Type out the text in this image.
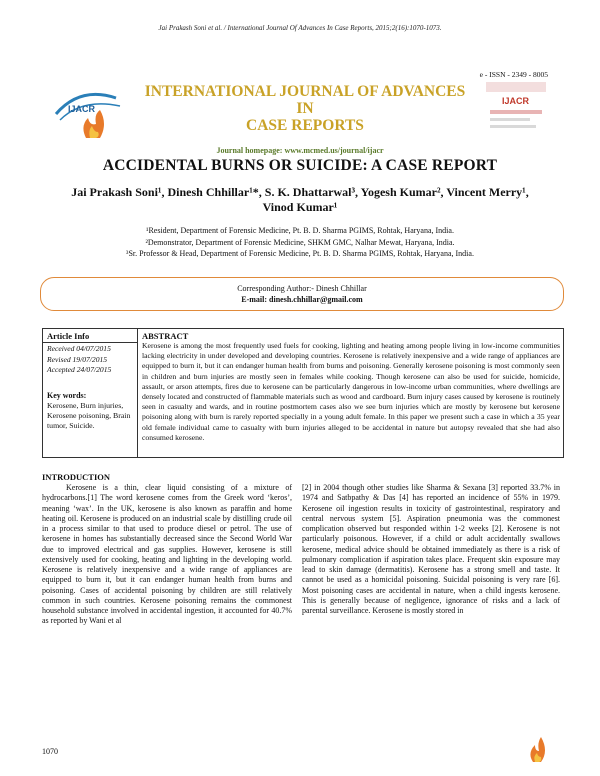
Jai Prakash Soni et al. / International Journal Of Advances In Case Reports, 2015;2(16):1070-1073.
e - ISSN - 2349 - 8005
IJACR
IJACR
INTERNATIONAL JOURNAL OF ADVANCES IN
CASE REPORTS
Journal homepage: www.mcmed.us/journal/ijacr
ACCIDENTAL BURNS OR SUICIDE: A CASE REPORT
Jai Prakash Soni¹, Dinesh Chhillar¹*, S. K. Dhattarwal³, Yogesh Kumar², Vincent Merry¹,
Vinod Kumar¹
¹Resident, Department of Forensic Medicine, Pt. B. D. Sharma PGIMS, Rohtak, Haryana, India.
²Demonstrator, Department of Forensic Medicine, SHKM GMC, Nalhar Mewat, Haryana, India.
³Sr. Professor & Head, Department of Forensic Medicine, Pt. B. D. Sharma PGIMS, Rohtak, Haryana, India.
Corresponding Author:- Dinesh Chhillar
E-mail: dinesh.chhillar@gmail.com
Article Info
Received 04/07/2015
Revised 19/07/2015
Accepted 24/07/2015
Key words:
Kerosene, Burn injuries, Kerosene poisoning, Brain tumor, Suicide.
ABSTRACT
Kerosene is among the most frequently used fuels for cooking, lighting and heating among people living in low-income communities lacking electricity in under developed and developing countries. Kerosene is relatively inexpensive and a wide range of appliances are equipped to burn it, but it can endanger human health from burns and poisoning. Generally kerosene poisoning is most commonly seen in children and burn injuries are mostly seen in females while cooking. Though kerosene can also be used for suicide, homicide, assault, or arson attempts, fires due to kerosene can be particularly dangerous in low-income urban communities, where dwellings are densely located and constructed of flammable materials such as wood and cardboard. Burn injury cases caused by kerosene is routinely seen in casualty and wards, and in routine postmortem cases also we see burn injuries which are mostly by kerosene but kerosene poisoning along with burn is rarely reported specially in a young adult female. In this paper we present such a case in which a 35 year old female individual came to casualty with burn injuries alleged to be accidental in nature but autopsy revealed that she had also consumed kerosene.
INTRODUCTION
Kerosene is a thin, clear liquid consisting of a mixture of hydrocarbons.[1] The word kerosene comes from the Greek word ‘keros’, meaning ‘wax’. In the UK, kerosene is also known as paraffin and home heating oil. Kerosene is produced on an industrial scale by distilling crude oil in a process similar to that used to produce diesel or petrol. The use of kerosene in homes has substantially decreased since the Second World War due to improved electrical and gas supplies. However, kerosene is still extensively used for cooking, heating and lighting in the developing world. Kerosene is relatively inexpensive and a wide range of appliances are equipped to burn it, but it can endanger human health from burns and poisoning. Cases of accidental poisoning by children are still relatively common in such countries. Kerosene poisoning remains the commonest household substance involved in accidental ingestion, it accounted for 40.7% as reported by Wani et al
[2] in 2004 though other studies like Sharma & Sexana [3] reported 33.7% in 1974 and Satbpathy & Das [4] has reported an incidence of 55% in 1979. Kerosene oil ingestion results in toxicity of gastrointestinal, respiratory and central nervous system [5]. Aspiration pneumonia was the commonest complication observed but responded within 1-2 weeks [2]. Kerosene is not particularly poisonous. However, if a child or adult accidentally swallows kerosene, medical advice should be obtained immediately as there is a risk of pulmonary complication if aspiration takes place. Frequent skin exposure may lead to skin damage (dermatitis). Kerosene has a strong smell and taste. It cannot be used as a homicidal poisoning. Suicidal poisoning is very rare [6]. Most poisoning cases are accidental in nature, when a child ingests kerosene. This is generally because of negligence, ignorance of risks and a lack of parental surveillance. Kerosene is mostly stored in
1070
